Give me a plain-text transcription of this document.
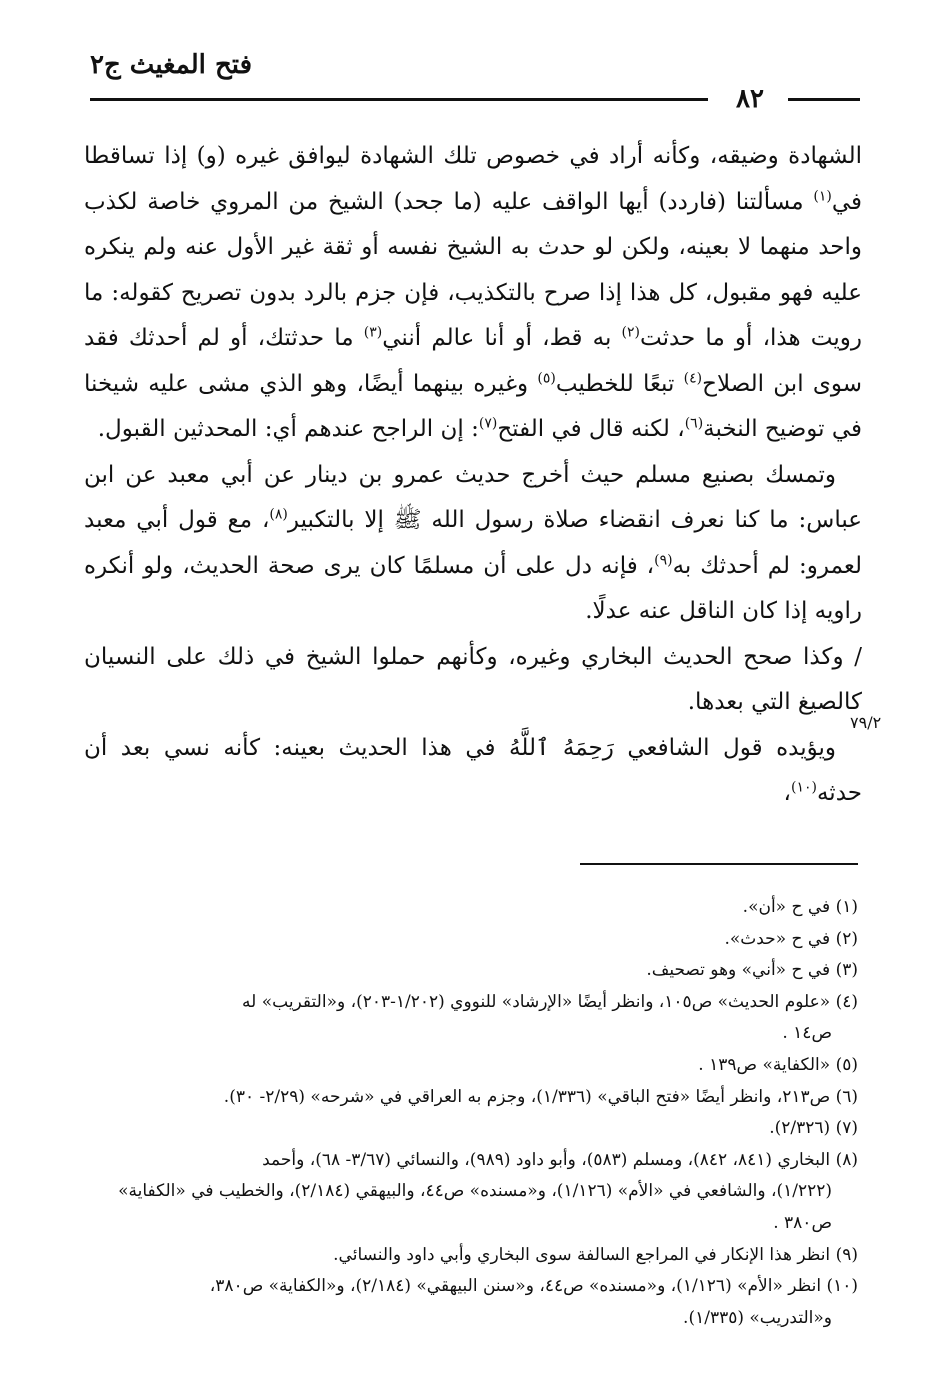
فتح المغيث ج٢
٨٢

الشهادة وضيقه، وكأنه أراد في خصوص تلك الشهادة ليوافق غيره (و) إذا تساقطا في$^{(١)}$ مسألتنا (فاردد) أيها الواقف عليه (ما جحد) الشيخ من المروي خاصة لكذب واحد منهما لا بعينه، ولكن لو حدث به الشيخ نفسه أو ثقة غير الأول عنه ولم ينكره عليه فهو مقبول، كل هذا إذا صرح بالتكذيب، فإن جزم بالرد بدون تصريح كقوله: ما رويت هذا، أو ما حدثت$^{(٢)}$ به قط، أو أنا عالم أنني$^{(٣)}$ ما حدثتك، أو لم أحدثك فقد سوى ابن الصلاح$^{(٤)}$ تبعًا للخطيب$^{(٥)}$ وغيره بينهما أيضًا، وهو الذي مشى عليه شيخنا في توضيح النخبة$^{(٦)}$، لكنه قال في الفتح$^{(٧)}$: إن الراجح عندهم أي: المحدثين القبول.

وتمسك بصنيع مسلم حيث أخرج حديث عمرو بن دينار عن أبي معبد عن ابن عباس: ما كنا نعرف انقضاء صلاة رسول الله ﷺ إلا بالتكبير$^{(٨)}$، مع قول أبي معبد لعمرو: لم أحدثك به$^{(٩)}$، فإنه دل على أن مسلمًا كان يرى صحة الحديث، ولو أنكره راويه إذا كان الناقل عنه عدلًا.

/ وكذا صحح الحديث البخاري وغيره، وكأنهم حملوا الشيخ في ذلك على النسيان كالصيغ التي بعدها.

ويؤيده قول الشافعي رَحِمَهُ ٱللَّهُ في هذا الحديث بعينه: كأنه نسي بعد أن حدثه$^{(١٠)}$،

٧٩/٢
(١) في ح «أن».
(٢) في ح «حدث».
(٣) في ح «أني» وهو تصحيف.
(٤) «علوم الحديث» ص١٠٥، وانظر أيضًا «الإرشاد» للنووي (١/٢٠٢-٢٠٣)، و«التقريب» له
ص١٤ .
(٥) «الكفاية» ص١٣٩ .
(٦) ص٢١٣، وانظر أيضًا «فتح الباقي» (١/٣٣٦)، وجزم به العراقي في «شرحه» (٢/٢٩- ٣٠).
(٧) (٢/٣٢٦).
(٨) البخاري (٨٤١، ٨٤٢)، ومسلم (٥٨٣)، وأبو داود (٩٨٩)، والنسائي (٣/٦٧- ٦٨)، وأحمد
(١/٢٢٢)، والشافعي في «الأم» (١/١٢٦)، و«مسنده» ص٤٤، والبيهقي (٢/١٨٤)، والخطيب في «الكفاية» ص٣٨٠ .
(٩) انظر هذا الإنكار في المراجع السالفة سوى البخاري وأبي داود والنسائي.
(١٠) انظر «الأم» (١/١٢٦)، و«مسنده» ص٤٤، و«سنن البيهقي» (٢/١٨٤)، و«الكفاية» ص٣٨٠،
و«التدريب» (١/٣٣٥).
